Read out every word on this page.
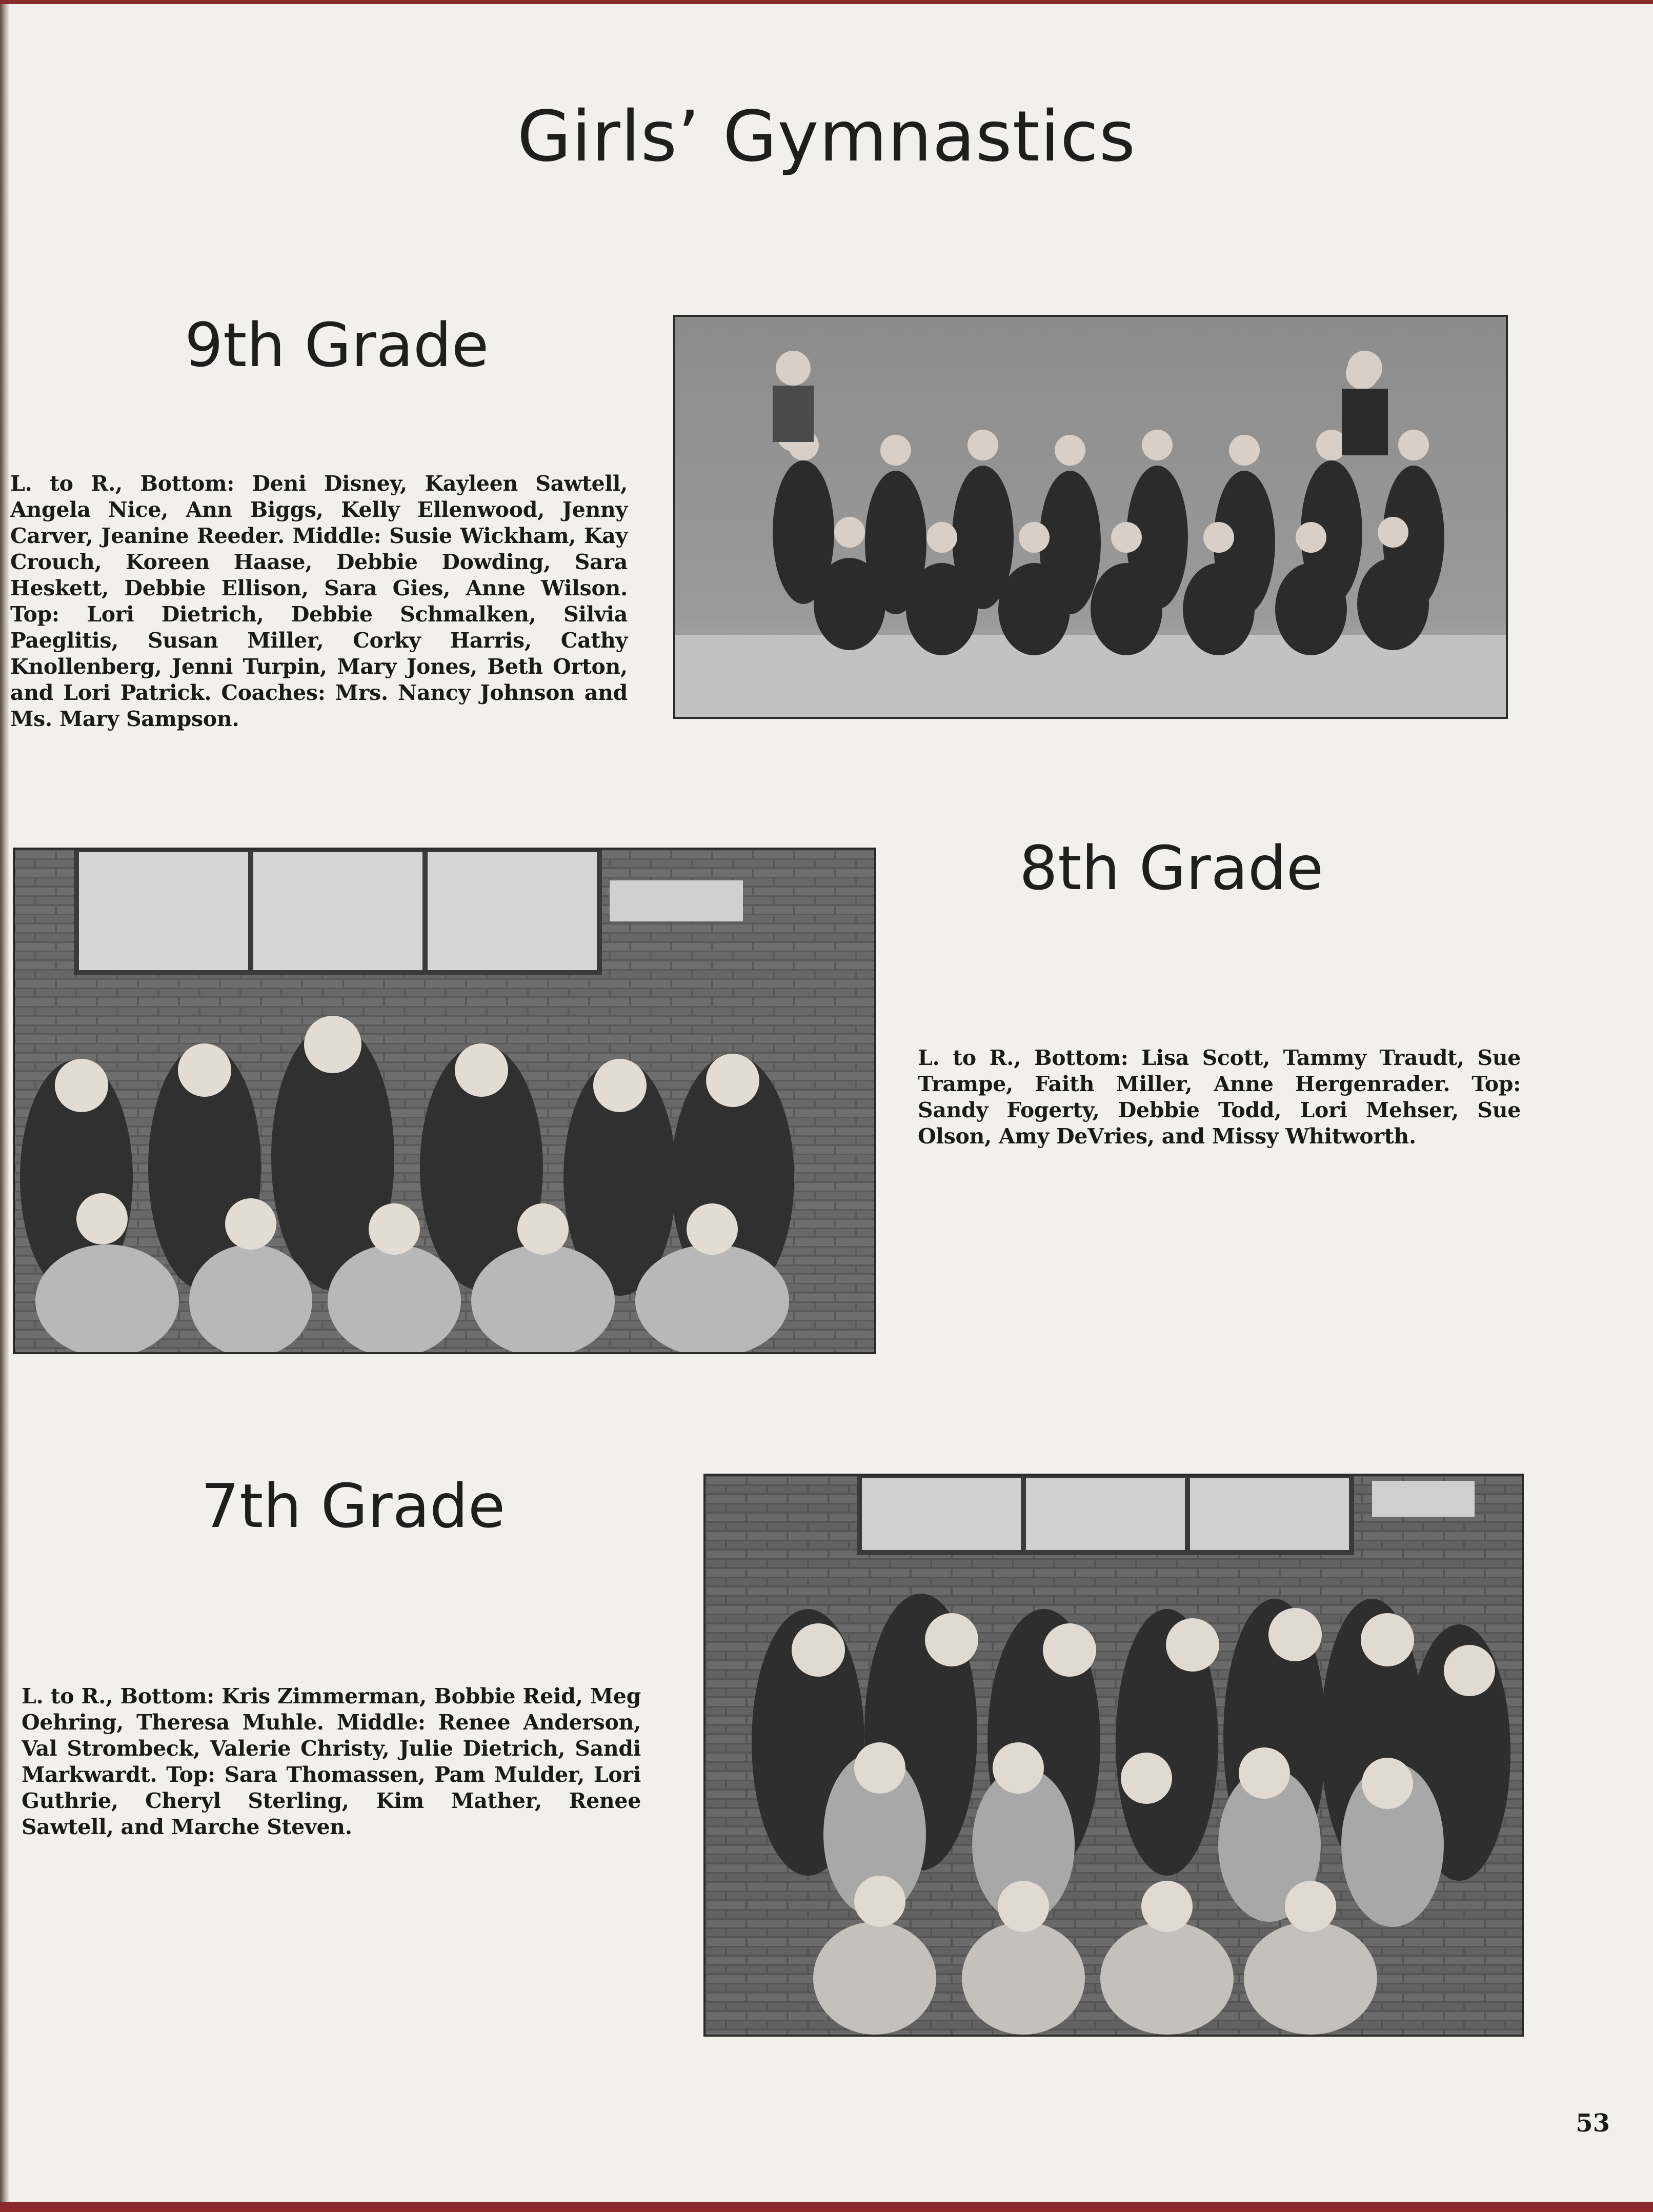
Girls’ Gymnastics
9th Grade
L. to R., Bottom: Deni Disney, Kayleen Sawtell, Angela Nice, Ann Biggs, Kelly Ellenwood, Jenny Carver, Jeanine Reeder. Middle: Susie Wickham, Kay Crouch, Koreen Haase, Debbie Dowding, Sara Heskett, Debbie Ellison, Sara Gies, Anne Wilson. Top: Lori Dietrich, Debbie Schmalken, Silvia Paeglitis, Susan Miller, Corky Harris, Cathy Knollenberg, Jenni Turpin, Mary Jones, Beth Orton, and Lori Patrick. Coaches: Mrs. Nancy Johnson and Ms. Mary Sampson.
8th Grade
L. to R., Bottom: Lisa Scott, Tammy Traudt, Sue Trampe, Faith Miller, Anne Hergenrader. Top: Sandy Fogerty, Debbie Todd, Lori Mehser, Sue Olson, Amy DeVries, and Missy Whitworth.
7th Grade
L. to R., Bottom: Kris Zimmerman, Bobbie Reid, Meg Oehring, Theresa Muhle. Middle: Renee Anderson, Val Strombeck, Valerie Christy, Julie Dietrich, Sandi Markwardt. Top: Sara Thomassen, Pam Mulder, Lori Guthrie, Cheryl Sterling, Kim Mather, Renee Sawtell, and Marche Steven.
53
